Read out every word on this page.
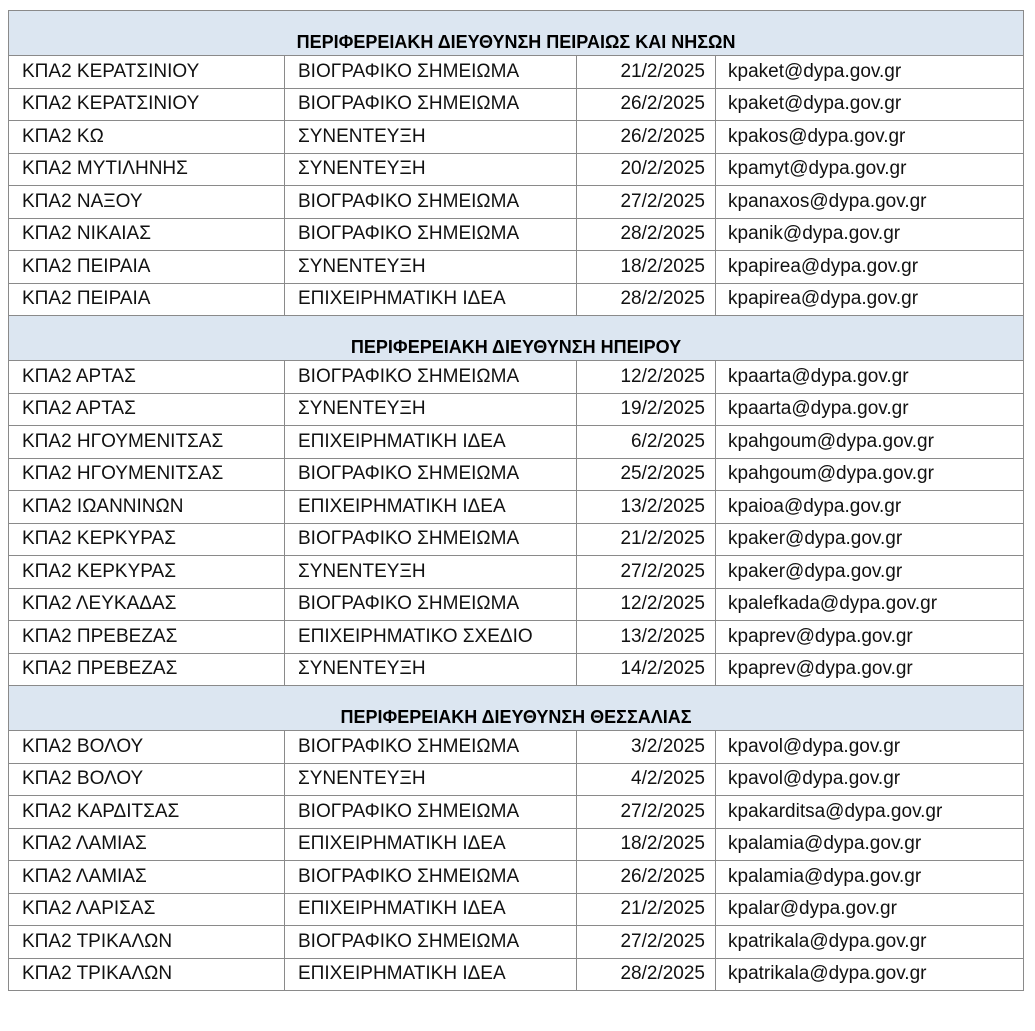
ΠΕΡΙΦΕΡΕΙΑΚΗ ΔΙΕΥΘΥΝΣΗ ΠΕΙΡΑΙΩΣ ΚΑΙ ΝΗΣΩΝ			
ΚΠΑ2 ΚΕΡΑΤΣΙΝΙΟΥ	ΒΙΟΓΡΑΦΙΚΟ ΣΗΜΕΙΩΜΑ	21/2/2025	kpaket@dypa.gov.gr
ΚΠΑ2 ΚΕΡΑΤΣΙΝΙΟΥ	ΒΙΟΓΡΑΦΙΚΟ ΣΗΜΕΙΩΜΑ	26/2/2025	kpaket@dypa.gov.gr
ΚΠΑ2 ΚΩ	ΣΥΝΕΝΤΕΥΞΗ	26/2/2025	kpakos@dypa.gov.gr
ΚΠΑ2 ΜΥΤΙΛΗΝΗΣ	ΣΥΝΕΝΤΕΥΞΗ	20/2/2025	kpamyt@dypa.gov.gr
ΚΠΑ2 ΝΑΞΟΥ	ΒΙΟΓΡΑΦΙΚΟ ΣΗΜΕΙΩΜΑ	27/2/2025	kpanaxos@dypa.gov.gr
ΚΠΑ2 ΝΙΚΑΙΑΣ	ΒΙΟΓΡΑΦΙΚΟ ΣΗΜΕΙΩΜΑ	28/2/2025	kpanik@dypa.gov.gr
ΚΠΑ2 ΠΕΙΡΑΙΑ	ΣΥΝΕΝΤΕΥΞΗ	18/2/2025	kpapirea@dypa.gov.gr
ΚΠΑ2 ΠΕΙΡΑΙΑ	ΕΠΙΧΕΙΡΗΜΑΤΙΚΗ ΙΔΕΑ	28/2/2025	kpapirea@dypa.gov.gr
ΠΕΡΙΦΕΡΕΙΑΚΗ ΔΙΕΥΘΥΝΣΗ ΗΠΕΙΡΟΥ			
ΚΠΑ2 ΑΡΤΑΣ	ΒΙΟΓΡΑΦΙΚΟ ΣΗΜΕΙΩΜΑ	12/2/2025	kpaarta@dypa.gov.gr
ΚΠΑ2 ΑΡΤΑΣ	ΣΥΝΕΝΤΕΥΞΗ	19/2/2025	kpaarta@dypa.gov.gr
ΚΠΑ2 ΗΓΟΥΜΕΝΙΤΣΑΣ	ΕΠΙΧΕΙΡΗΜΑΤΙΚΗ ΙΔΕΑ	6/2/2025	kpahgoum@dypa.gov.gr
ΚΠΑ2 ΗΓΟΥΜΕΝΙΤΣΑΣ	ΒΙΟΓΡΑΦΙΚΟ ΣΗΜΕΙΩΜΑ	25/2/2025	kpahgoum@dypa.gov.gr
ΚΠΑ2 ΙΩΑΝΝΙΝΩΝ	ΕΠΙΧΕΙΡΗΜΑΤΙΚΗ ΙΔΕΑ	13/2/2025	kpaioa@dypa.gov.gr
ΚΠΑ2 ΚΕΡΚΥΡΑΣ	ΒΙΟΓΡΑΦΙΚΟ ΣΗΜΕΙΩΜΑ	21/2/2025	kpaker@dypa.gov.gr
ΚΠΑ2 ΚΕΡΚΥΡΑΣ	ΣΥΝΕΝΤΕΥΞΗ	27/2/2025	kpaker@dypa.gov.gr
ΚΠΑ2 ΛΕΥΚΑΔΑΣ	ΒΙΟΓΡΑΦΙΚΟ ΣΗΜΕΙΩΜΑ	12/2/2025	kpalefkada@dypa.gov.gr
ΚΠΑ2 ΠΡΕΒΕΖΑΣ	ΕΠΙΧΕΙΡΗΜΑΤΙΚΟ ΣΧΕΔΙΟ	13/2/2025	kpaprev@dypa.gov.gr
ΚΠΑ2 ΠΡΕΒΕΖΑΣ	ΣΥΝΕΝΤΕΥΞΗ	14/2/2025	kpaprev@dypa.gov.gr
ΠΕΡΙΦΕΡΕΙΑΚΗ ΔΙΕΥΘΥΝΣΗ ΘΕΣΣΑΛΙΑΣ			
ΚΠΑ2 ΒΟΛΟΥ	ΒΙΟΓΡΑΦΙΚΟ ΣΗΜΕΙΩΜΑ	3/2/2025	kpavol@dypa.gov.gr
ΚΠΑ2 ΒΟΛΟΥ	ΣΥΝΕΝΤΕΥΞΗ	4/2/2025	kpavol@dypa.gov.gr
ΚΠΑ2 ΚΑΡΔΙΤΣΑΣ	ΒΙΟΓΡΑΦΙΚΟ ΣΗΜΕΙΩΜΑ	27/2/2025	kpakarditsa@dypa.gov.gr
ΚΠΑ2 ΛΑΜΙΑΣ	ΕΠΙΧΕΙΡΗΜΑΤΙΚΗ ΙΔΕΑ	18/2/2025	kpalamia@dypa.gov.gr
ΚΠΑ2 ΛΑΜΙΑΣ	ΒΙΟΓΡΑΦΙΚΟ ΣΗΜΕΙΩΜΑ	26/2/2025	kpalamia@dypa.gov.gr
ΚΠΑ2 ΛΑΡΙΣΑΣ	ΕΠΙΧΕΙΡΗΜΑΤΙΚΗ ΙΔΕΑ	21/2/2025	kpalar@dypa.gov.gr
ΚΠΑ2 ΤΡΙΚΑΛΩΝ	ΒΙΟΓΡΑΦΙΚΟ ΣΗΜΕΙΩΜΑ	27/2/2025	kpatrikala@dypa.gov.gr
ΚΠΑ2 ΤΡΙΚΑΛΩΝ	ΕΠΙΧΕΙΡΗΜΑΤΙΚΗ ΙΔΕΑ	28/2/2025	kpatrikala@dypa.gov.gr
